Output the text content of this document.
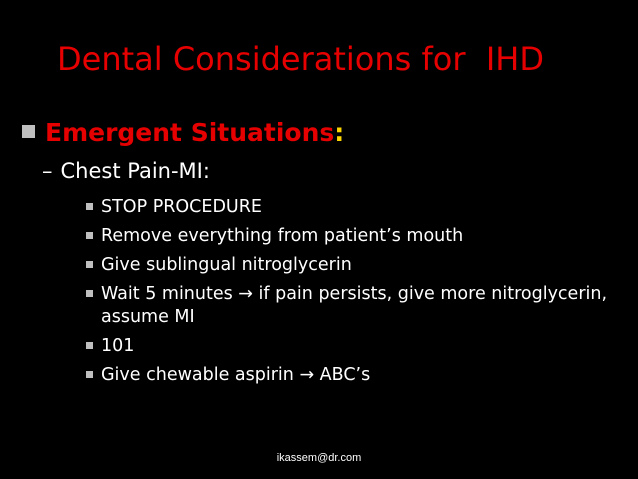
Dental Considerations for  IHD
Emergent Situations:
– Chest Pain-MI:
STOP PROCEDURE
Remove everything from patient’s mouth
Give sublingual nitroglycerin
Wait 5 minutes → if pain persists, give more nitroglycerin, assume MI
101
Give chewable aspirin → ABC’s
ikassem@dr.com
